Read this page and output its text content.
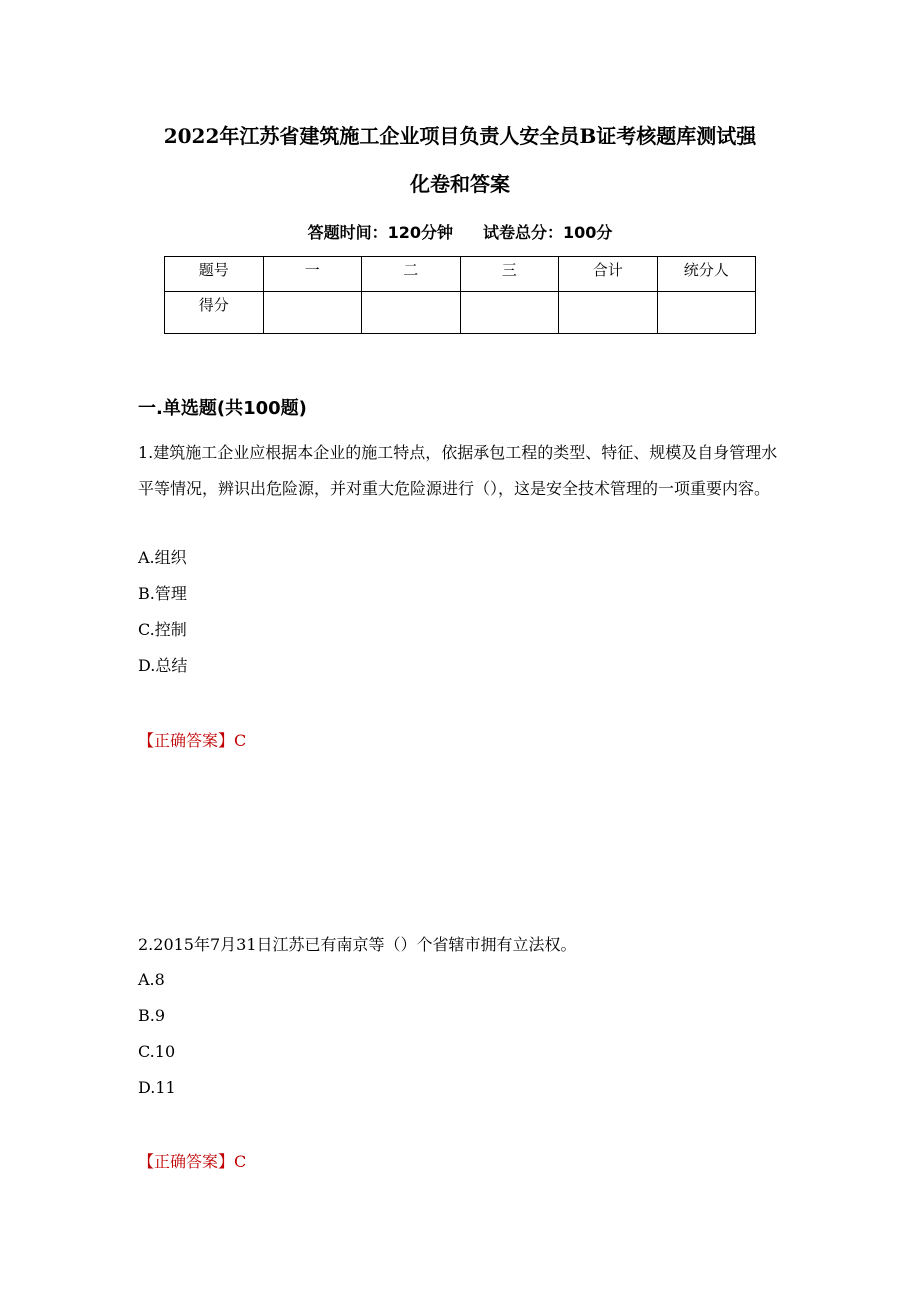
2022年江苏省建筑施工企业项目负责人安全员B证考核题库测试强
化卷和答案
答题时间：120分钟 试卷总分：100分
题号	一	二	三	合计	统分人
得分					
一.单选题(共100题)
1.建筑施工企业应根据本企业的施工特点，依据承包工程的类型、特征、规模及自身管理水平等情况，辨识出危险源，并对重大危险源进行（），这是安全技术管理的一项重要内容。
A.组织
B.管理
C.控制
D.总结
【正确答案】C
2.2015年7月31日江苏已有南京等（）个省辖市拥有立法权。
A.8
B.9
C.10
D.11
【正确答案】C
